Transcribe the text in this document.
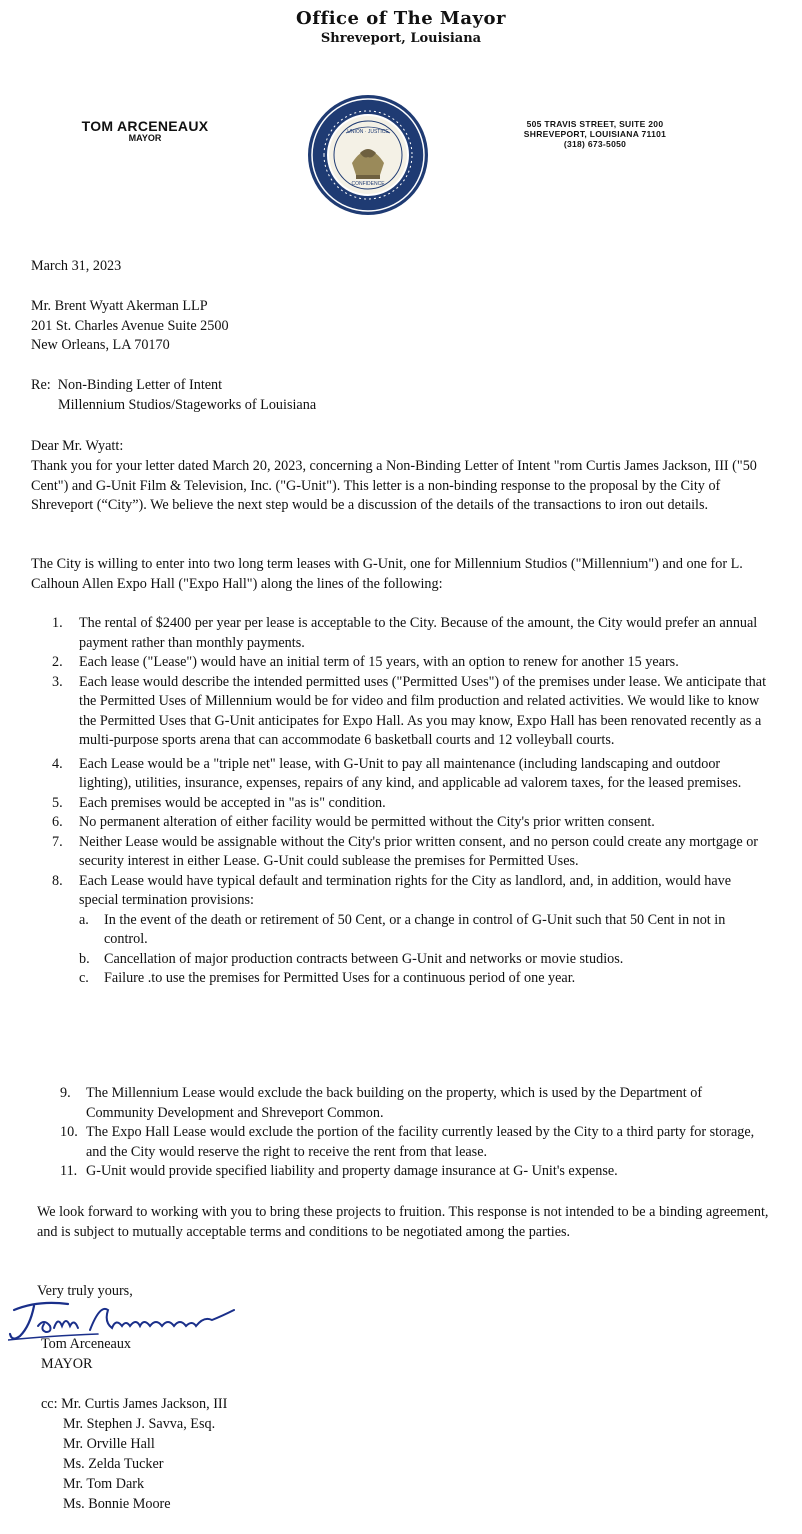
Office of The Mayor
Shreveport, Louisiana
TOM ARCENEAUX
MAYOR
UNION · JUSTICE
CONFIDENCE
505 TRAVIS STREET, SUITE 200
SHREVEPORT, LOUISIANA 71101
(318) 673-5050
March 31, 2023
Mr. Brent Wyatt Akerman LLP
201 St. Charles Avenue Suite 2500
New Orleans, LA 70170
Re: Non-Binding Letter of Intent
Millennium Studios/Stageworks of Louisiana
Dear Mr. Wyatt:
Thank you for your letter dated March 20, 2023, concerning a Non-Binding Letter of Intent "rom Curtis James Jackson, III ("50 Cent") and G-Unit Film & Television, Inc. ("G-Unit"). This letter is a non-binding response to the proposal by the City of Shreveport (“City”). We believe the next step would be a discussion of the details of the transactions to iron out details.
The City is willing to enter into two long term leases with G-Unit, one for Millennium Studios ("Millennium") and one for L. Calhoun Allen Expo Hall ("Expo Hall") along the lines of the following:
1.	The rental of $2400 per year per lease is acceptable to the City. Because of the amount, the City would prefer an annual payment rather than monthly payments.
2.	Each lease ("Lease") would have an initial term of 15 years, with an option to renew for another 15 years.
3.	Each lease would describe the intended permitted uses ("Permitted Uses") of the premises under lease. We anticipate that the Permitted Uses of Millennium would be for video and film production and related activities. We would like to know the Permitted Uses that G-Unit anticipates for Expo Hall. As you may know, Expo Hall has been renovated recently as a multi-purpose sports arena that can accommodate 6 basketball courts and 12 volleyball courts.
4.	Each Lease would be a "triple net" lease, with G-Unit to pay all maintenance (including landscaping and outdoor lighting), utilities, insurance, expenses, repairs of any kind, and applicable ad valorem taxes, for the leased premises.
5.	Each premises would be accepted in "as is" condition.
6.	No permanent alteration of either facility would be permitted without the City's prior written consent.
7.	Neither Lease would be assignable without the City's prior written consent, and no person could create any mortgage or security interest in either Lease. G-Unit could sublease the premises for Permitted Uses.
8.	Each Lease would have typical default and termination rights for the City as landlord, and, in addition, would have special termination provisions:
a.	In the event of the death or retirement of 50 Cent, or a change in control of G-Unit such that 50 Cent in not in control.
b.	Cancellation of major production contracts between G-Unit and networks or movie studios.
c.	Failure .to use the premises for Permitted Uses for a continuous period of one year.
9.	The Millennium Lease would exclude the back building on the property, which is used by the Department of Community Development and Shreveport Common.
10. The Expo Hall Lease would exclude the portion of the facility currently leased by the City to a third party for storage, and the City would reserve the right to receive the rent from that lease.
11. G-Unit would provide specified liability and property damage insurance at G- Unit's expense.
We look forward to working with you to bring these projects to fruition. This response is not intended to be a binding agreement, and is subject to mutually acceptable terms and conditions to be negotiated among the parties.
Very truly yours,
Tom Arceneaux
MAYOR
cc: Mr. Curtis James Jackson, III
Mr. Stephen J. Savva, Esq.
Mr. Orville Hall
Ms. Zelda Tucker
Mr. Tom Dark
Ms. Bonnie Moore
